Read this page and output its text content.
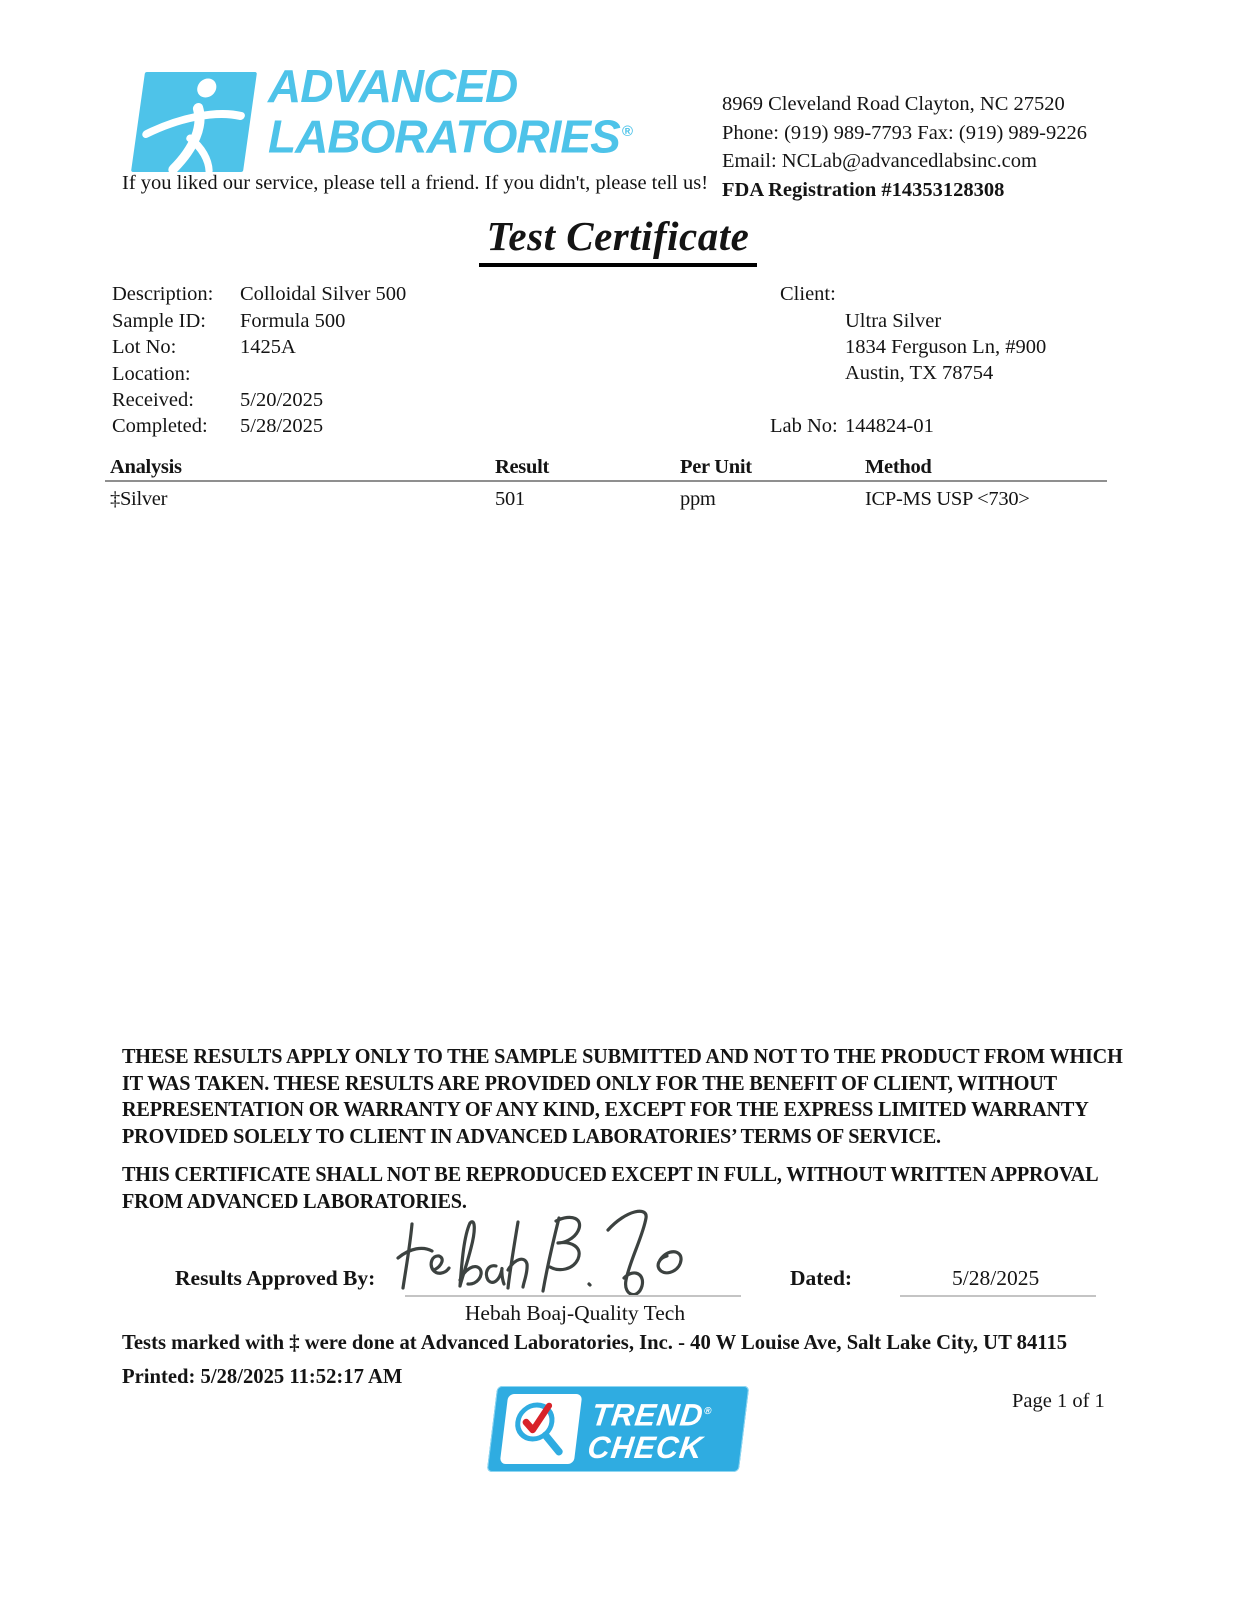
ADVANCED
LABORATORIES ®
If you liked our service, please tell a friend. If you didn't, please tell us!
8969 Cleveland Road Clayton, NC 27520
Phone: (919) 989-7793 Fax: (919) 989-9226
Email: NCLab@advancedlabsinc.com
FDA Registration #14353128308
Test Certificate
Description: Colloidal Silver 500
Sample ID: Formula 500
Lot No:	1425A
Location:
Received: 5/20/2025
Completed: 5/28/2025
Client:
Ultra Silver
1834 Ferguson Ln, #900
Austin, TX 78754
Lab No: 144824-01
Analysis	Result	Per Unit	Method
‡Silver	501	ppm	ICP-MS USP <730>
THESE RESULTS APPLY ONLY TO THE SAMPLE SUBMITTED AND NOT TO THE PRODUCT FROM WHICH IT WAS TAKEN. THESE RESULTS ARE PROVIDED ONLY FOR THE BENEFIT OF CLIENT, WITHOUT REPRESENTATION OR WARRANTY OF ANY KIND, EXCEPT FOR THE EXPRESS LIMITED WARRANTY PROVIDED SOLELY TO CLIENT IN ADVANCED LABORATORIES’ TERMS OF SERVICE.
THIS CERTIFICATE SHALL NOT BE REPRODUCED EXCEPT IN FULL, WITHOUT WRITTEN APPROVAL FROM ADVANCED LABORATORIES.
Results Approved By:
Hebah Boaj-Quality Tech
Dated:	5/28/2025
Tests marked with ‡ were done at Advanced Laboratories, Inc. - 40 W Louise Ave, Salt Lake City, UT 84115
Printed: 5/28/2025 11:52:17 AM
TREND®
CHECK
Page 1 of 1
